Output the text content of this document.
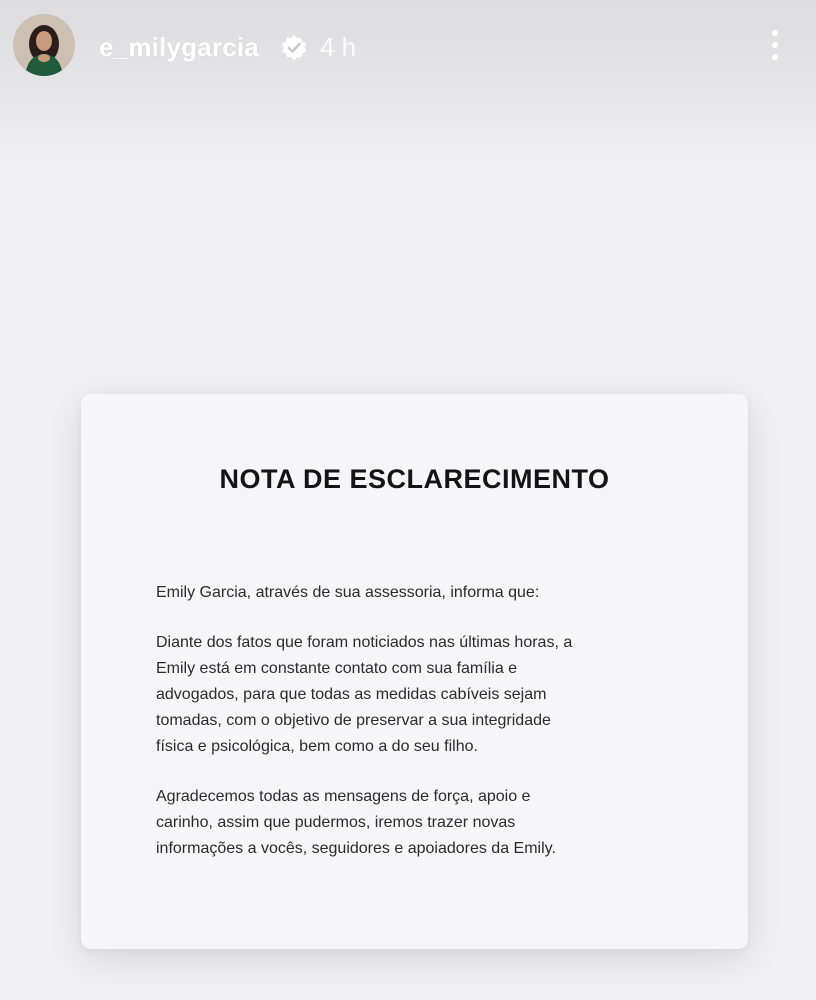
e_milygarcia 4 h
NOTA DE ESCLARECIMENTO

Emily Garcia, através de sua assessoria, informa que:

Diante dos fatos que foram noticiados nas últimas horas, a
Emily está em constante contato com sua família e
advogados, para que todas as medidas cabíveis sejam
tomadas, com o objetivo de preservar a sua integridade
física e psicológica, bem como a do seu filho.

Agradecemos todas as mensagens de força, apoio e
carinho, assim que pudermos, iremos trazer novas
informações a vocês, seguidores e apoiadores da Emily.
